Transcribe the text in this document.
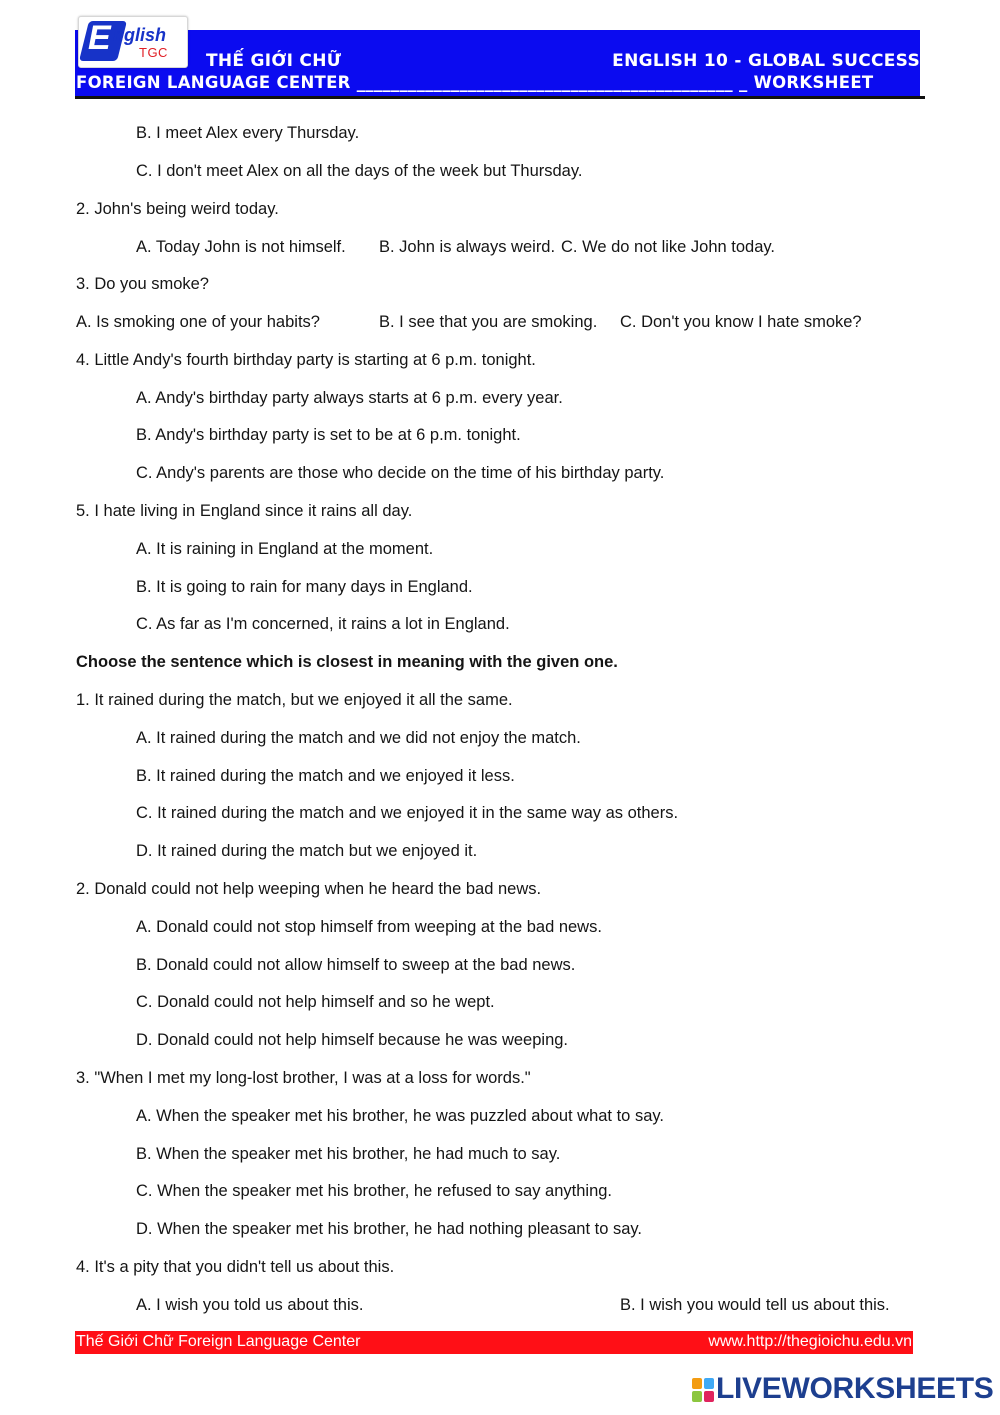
E nglish
TGC THẾ GIỚI CHỮ	ENGLISH 10 - GLOBAL SUCCESS
FOREIGN LANGUAGE CENTER ____________________________________________ _ WORKSHEET
B. I meet Alex every Thursday.
C. I don't meet Alex on all the days of the week but Thursday.
2. John's being weird today.
A. Today John is not himself. B. John is always weird. C. We do not like John today.
3. Do you smoke?
A. Is smoking one of your habits?	B. I see that you are smoking. C. Don't you know I hate smoke?
4. Little Andy's fourth birthday party is starting at 6 p.m. tonight.
A. Andy's birthday party always starts at 6 p.m. every year.
B. Andy's birthday party is set to be at 6 p.m. tonight.
C. Andy's parents are those who decide on the time of his birthday party.
5. I hate living in England since it rains all day.
A. It is raining in England at the moment.
B. It is going to rain for many days in England.
C. As far as I'm concerned, it rains a lot in England.
Choose the sentence which is closest in meaning with the given one.
1. It rained during the match, but we enjoyed it all the same.
A. It rained during the match and we did not enjoy the match.
B. It rained during the match and we enjoyed it less.
C. It rained during the match and we enjoyed it in the same way as others.
D. It rained during the match but we enjoyed it.
2. Donald could not help weeping when he heard the bad news.
A. Donald could not stop himself from weeping at the bad news.
B. Donald could not allow himself to sweep at the bad news.
C. Donald could not help himself and so he wept.
D. Donald could not help himself because he was weeping.
3. "When I met my long-lost brother, I was at a loss for words."
A. When the speaker met his brother, he was puzzled about what to say.
B. When the speaker met his brother, he had much to say.
C. When the speaker met his brother, he refused to say anything.
D. When the speaker met his brother, he had nothing pleasant to say.
4. It's a pity that you didn't tell us about this.
A. I wish you told us about this.	B. I wish you would tell us about this.
Thế Giới Chữ Foreign Language Center	www.http://thegioichu.edu.vn
LIVEWORKSHEETS
